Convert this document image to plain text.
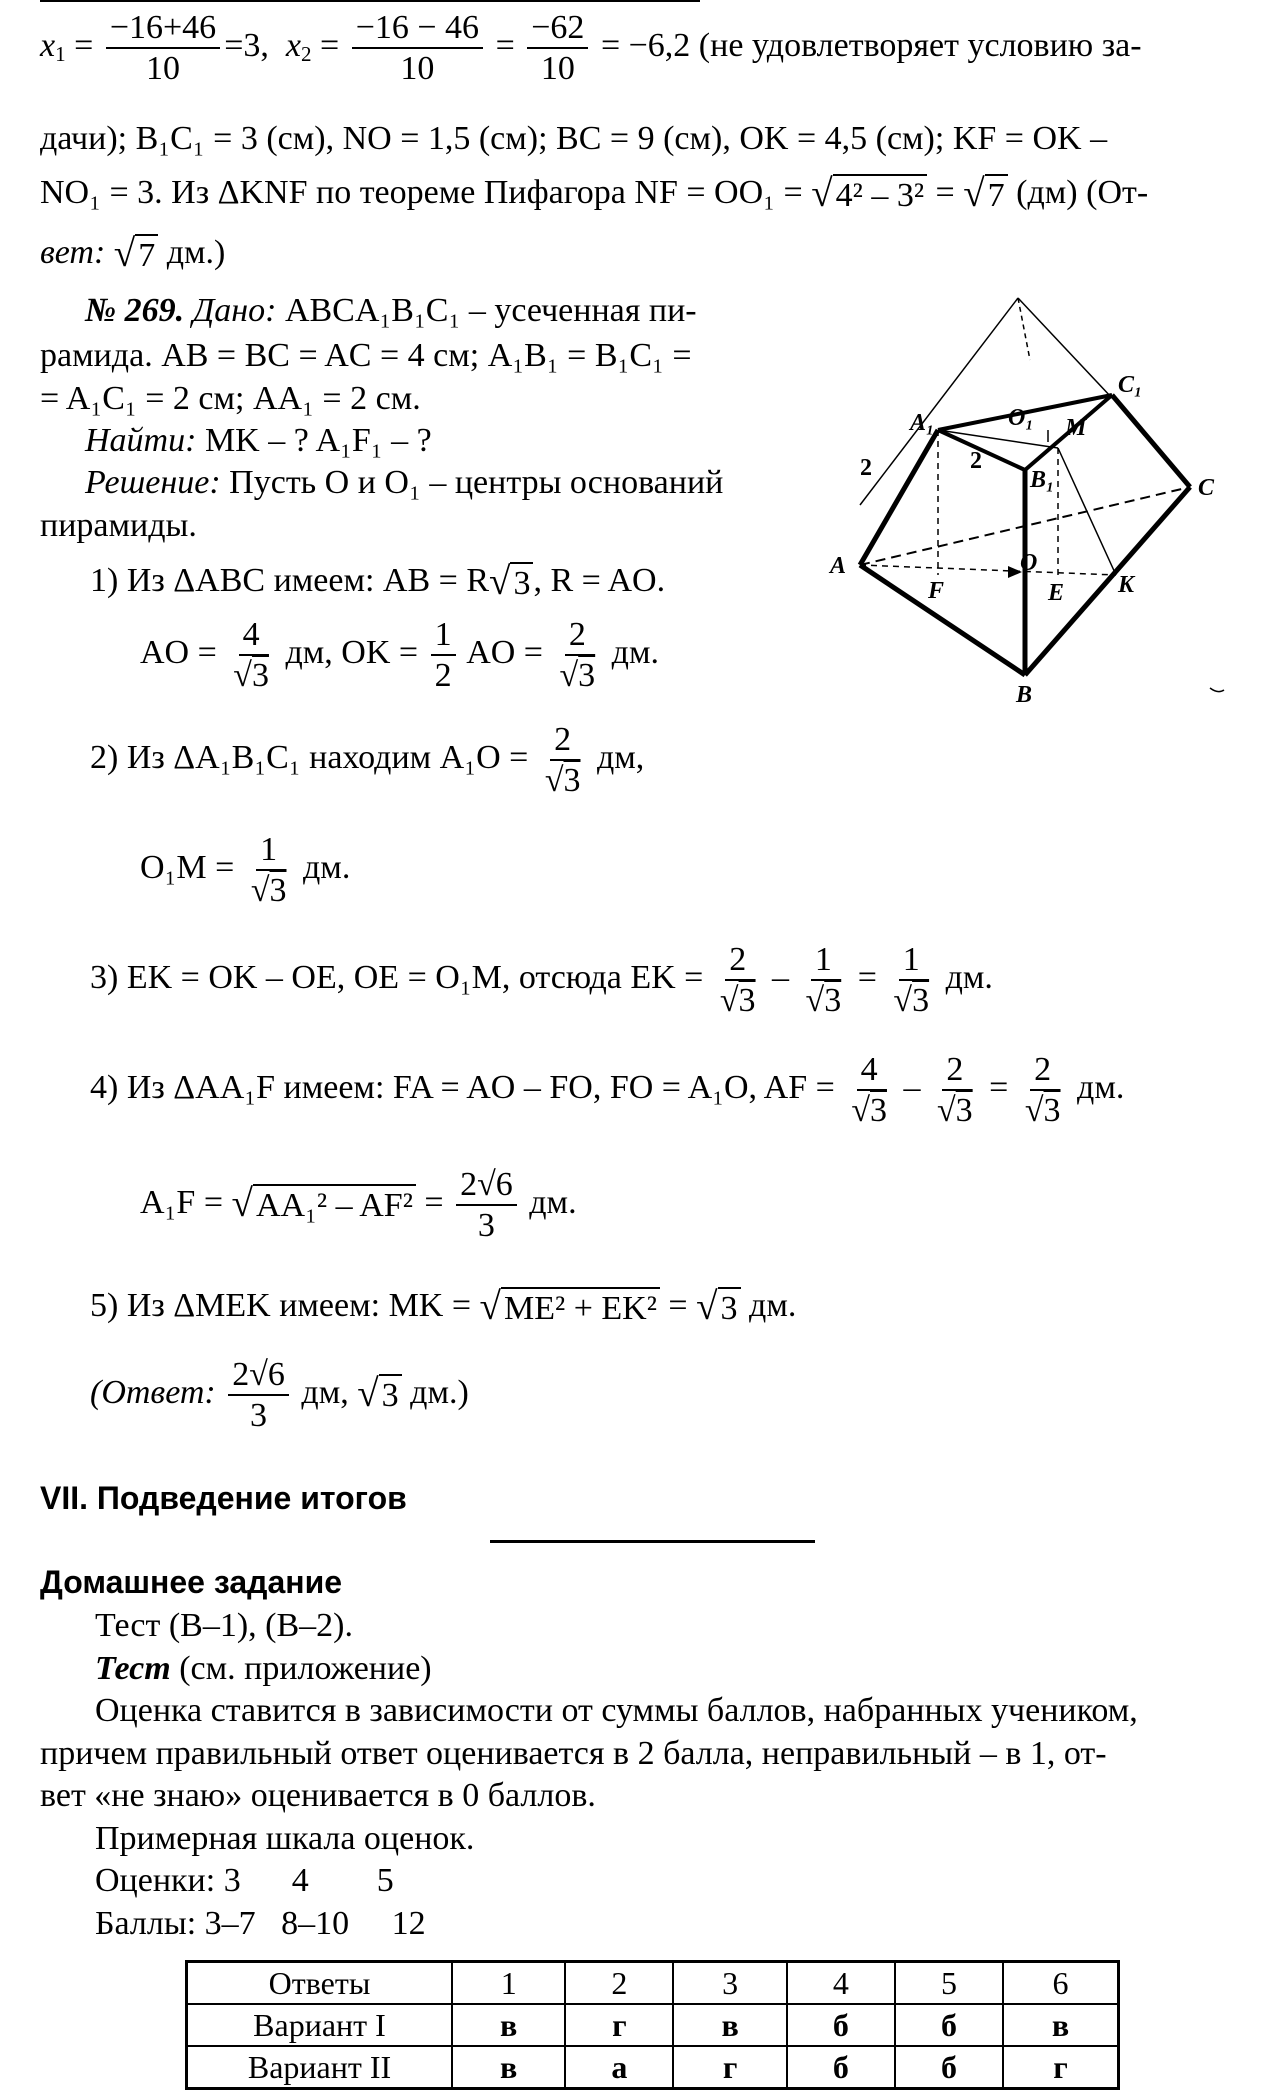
$x_1 = \frac{-16+46}{10} =3$, $x_2 = \frac{-16 - 46}{10} = \frac{-62}{10} = -6,2$ (не удовлетворяет условию за-
дачи); B₁C₁ = 3 (см), NO = 1,5 (см); BC = 9 (см), OK = 4,5 (см); KF = OK –
NO₁ = 3. Из ΔKNF по теореме Пифагора NF = OO₁ = √ 4² – 3² = √ 7 (дм) (От-
вет: √ 7 дм.)
№ 269. Дано: ABCA₁B₁C₁ – усеченная пи-
рамида. AB = BC = AC = 4 см; A₁B₁ = B₁C₁ =
= A₁C₁ = 2 см; AA₁ = 2 см.
Найти: MK – ? A₁F₁ – ?
Решение: Пусть O и O₁ – центры оснований
пирамиды.
1) Из ΔABC имеем: AB = R √ 3 , R = AO.
AO = $\frac{4}{√3}$ дм, OK = $\frac{1}{2}$ AO = $\frac{2}{√3}$ дм.
2) Из ΔA₁B₁C₁ находим $A_1O = \frac{2}{√3}$ дм,
$O_1M = \frac{1}{√3}$ дм.
3) EK = OK – OE, OE = O₁M, отсюда EK = $\frac{2}{√3} - \frac{1}{√3} = \frac{1}{√3}$ дм.
4) Из ΔAA₁F имеем: FA = AO – FO, FO = A₁O, AF = $\frac{4}{√3} - \frac{2}{√3} = \frac{2}{√3}$ дм.
A₁F = √ $AA_1^2 - AF^2 = \frac{2√6}{3}$ дм.
5) Из ΔMEK имеем: MK = √ ME² + EK² = √ 3 дм.
(Ответ: $\frac{2√6}{3}$ дм, √ 3 дм.)
A₁	O₁ M
C₁
B₁	C
A
F
O
E K
B
2	2
VII. Подведение итогов
Домашнее задание
Тест (В–1), (В–2).
Тест (см. приложение)
Оценка ставится в зависимости от суммы баллов, набранных учеником,
причем правильный ответ оценивается в 2 балла, неправильный – в 1, от-
вет «не знаю» оценивается в 0 баллов.
Примерная шкала оценок.
Оценки: 3      4        5
Баллы: 3–7   8–10     12
Ответы	1	2	3	4	5	6
Вариант I	в	г	в	б	б	в
Вариант II	в	а	г	б	б	г
